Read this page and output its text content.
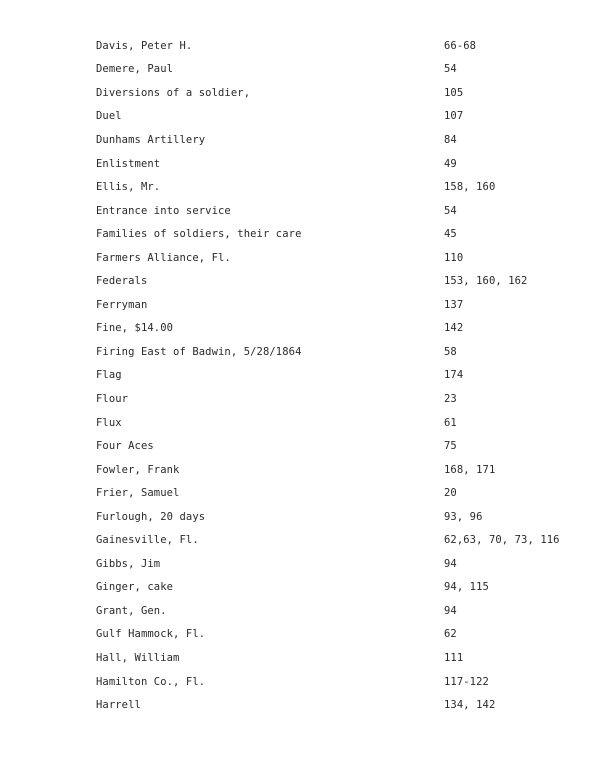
Davis, Peter H.	66-68
Demere, Paul	54
Diversions of a soldier,	105
Duel	107
Dunhams Artillery	84
Enlistment	49
Ellis, Mr.	158, 160
Entrance into service	54
Families of soldiers, their care	45
Farmers Alliance, Fl.	110
Federals	153, 160, 162
Ferryman	137
Fine, $14.00	142
Firing East of Badwin, 5/28/1864	58
Flag	174
Flour	23
Flux	61
Four Aces	75
Fowler, Frank	168, 171
Frier, Samuel	20
Furlough, 20 days	93, 96
Gainesville, Fl.	62,63, 70, 73, 116
Gibbs, Jim	94
Ginger, cake	94, 115
Grant, Gen.	94
Gulf Hammock, Fl.	62
Hall, William	111
Hamilton Co., Fl.	117-122
Harrell	134, 142
